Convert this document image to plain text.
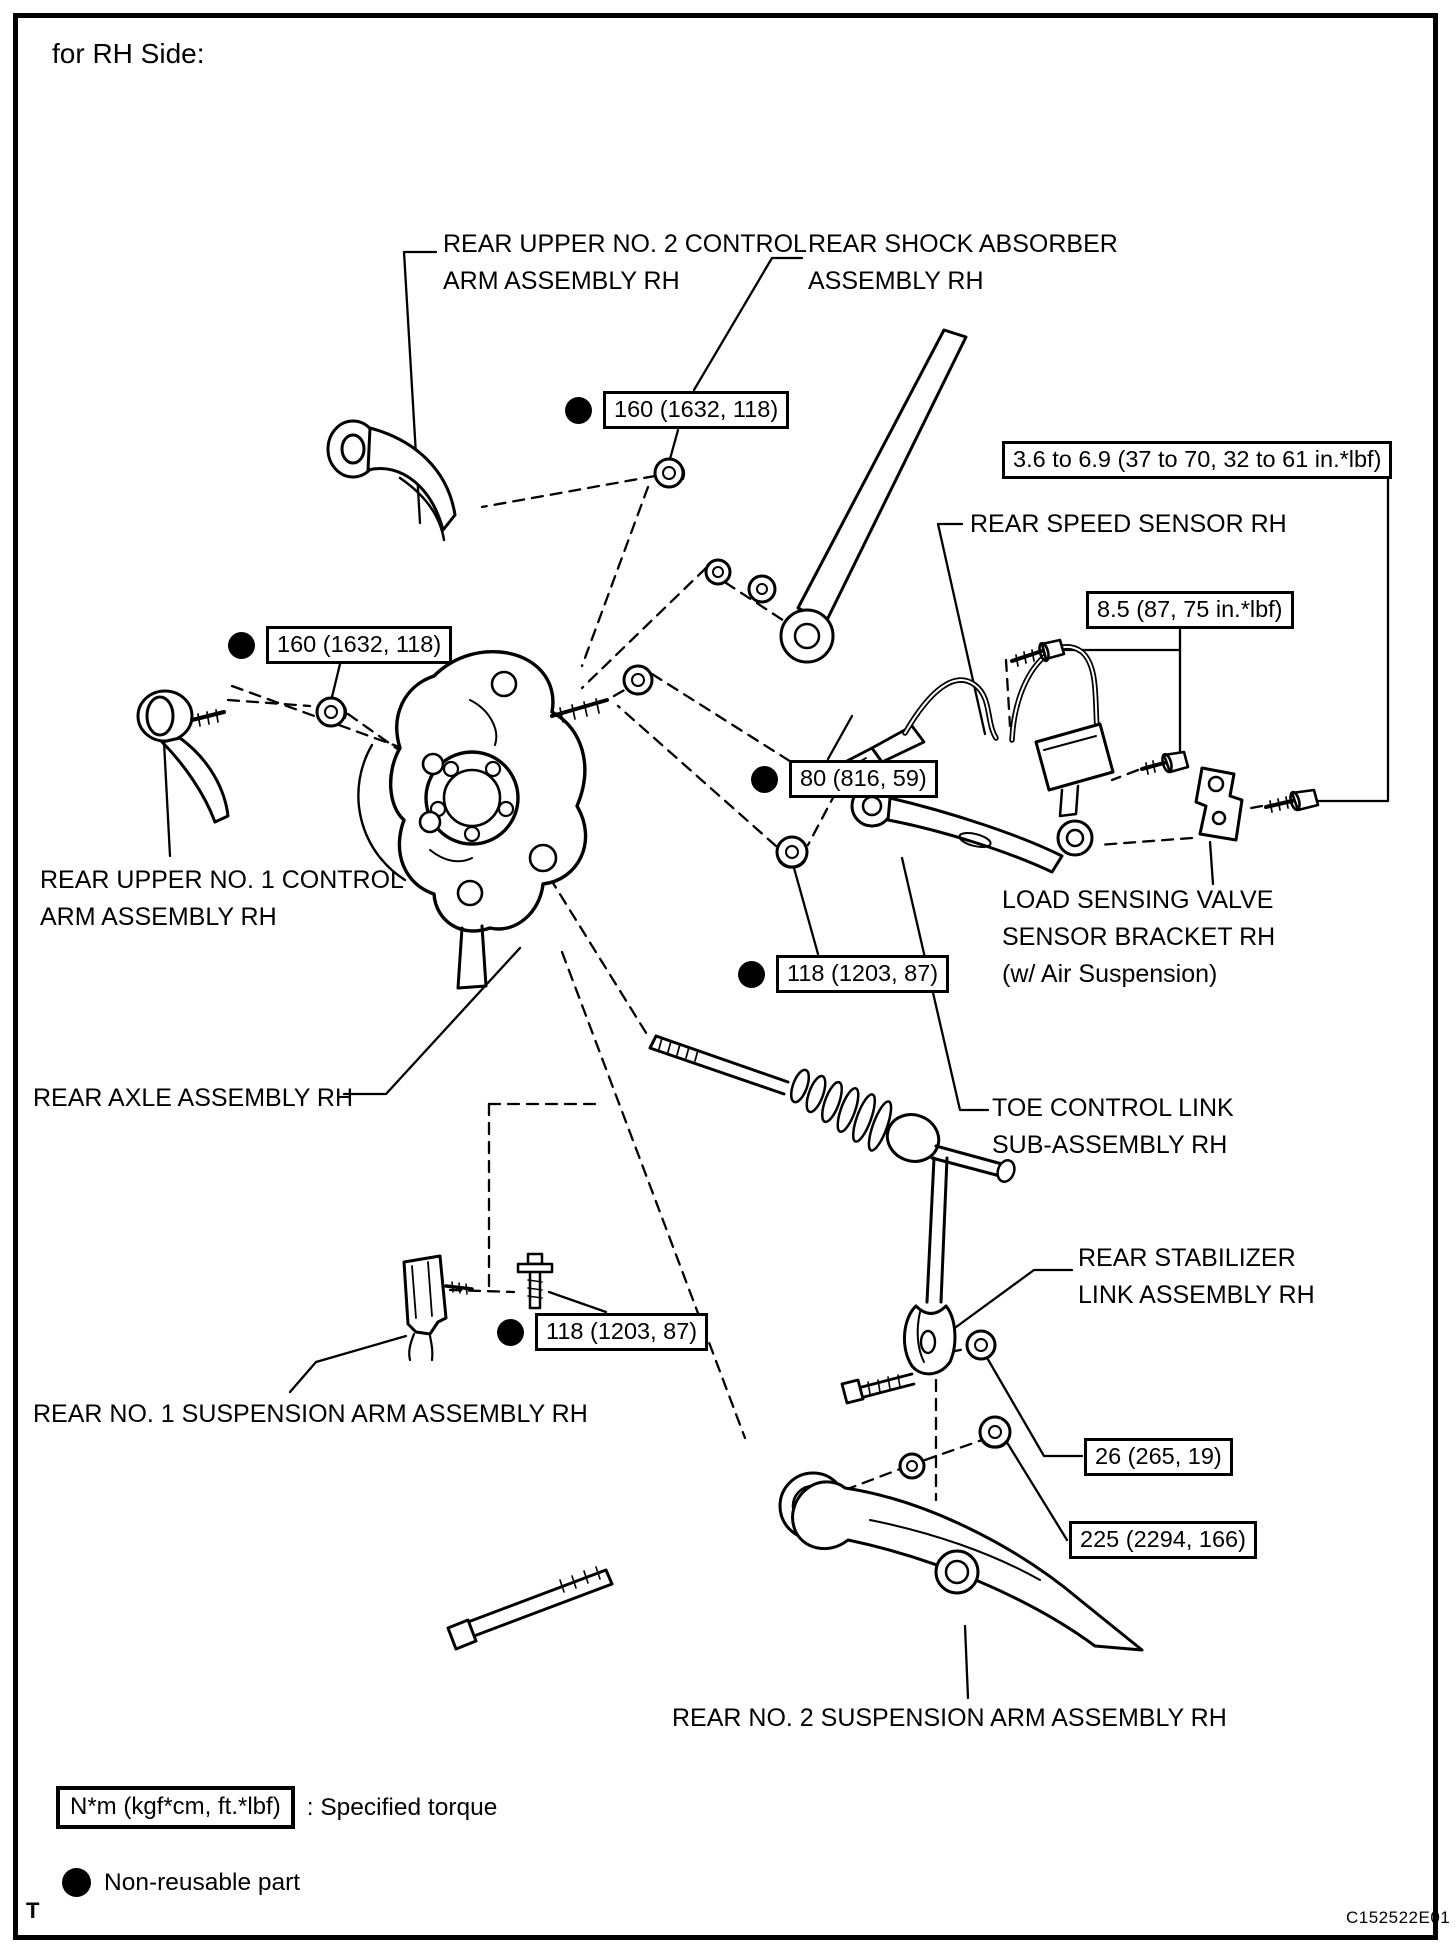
for RH Side:
REAR UPPER NO. 2 CONTROL
ARM ASSEMBLY RH
REAR SHOCK ABSORBER
ASSEMBLY RH
REAR SPEED SENSOR RH
REAR UPPER NO. 1 CONTROL
ARM ASSEMBLY RH
LOAD SENSING VALVE
SENSOR BRACKET RH
(w/ Air Suspension)
REAR AXLE ASSEMBLY RH	TOE CONTROL LINK
SUB-ASSEMBLY RH
REAR NO. 1 SUSPENSION ARM ASSEMBLY RH
REAR STABILIZER
LINK ASSEMBLY RH
REAR NO. 2 SUSPENSION ARM ASSEMBLY RH
160 (1632, 118)
160 (1632, 118)
3.6 to 6.9 (37 to 70, 32 to 61 in.*lbf)
8.5 (87, 75 in.*lbf)
80 (816, 59)
118 (1203, 87)
118 (1203, 87)
26 (265, 19)
225 (2294, 166)
N*m (kgf*cm, ft.*lbf)	: Specified torque
Non-reusable part
T	C152522E01
